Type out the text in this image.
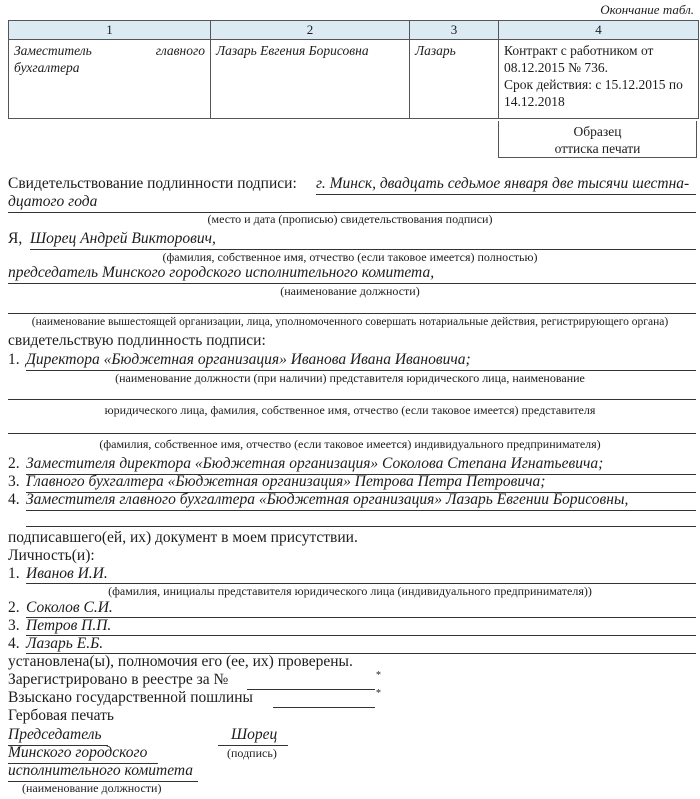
Окончание табл.
1	2	3	4
Заместитель главного бухгалтера	Лазарь Евгения Борисовна	Лазарь	Контракт с работником от 08.12.2015 № 736.
Срок действия: с 15.12.2015 по 14.12.2018
Образец
оттиска печати
Свидетельствование подлинности подписи: г. Минск, двадцать седьмое января две тысячи шестна-
дцатого года
(место и дата (прописью) свидетельствования подписи)
Я, Шорец Андрей Викторович,
(фамилия, собственное имя, отчество (если таковое имеется) полностью)
председатель Минского городского исполнительного комитета,
(наименование должности)
(наименование вышестоящей организации, лица, уполномоченного совершать нотариальные действия, регистрирующего органа)
свидетельствую подлинность подписи:
1. Директора «Бюджетная организация» Иванова Ивана Ивановича;
(наименование должности (при наличии) представителя юридического лица, наименование
юридического лица, фамилия, собственное имя, отчество (если таковое имеется) представителя
(фамилия, собственное имя, отчество (если таковое имеется) индивидуального предпринимателя)
2. Заместителя директора «Бюджетная организация» Соколова Степана Игнатьевича;
3. Главного бухгалтера «Бюджетная организация» Петрова Петра Петровича;
4. Заместителя главного бухгалтера «Бюджетная организация» Лазарь Евгении Борисовны,
подписавшего(ей, их) документ в моем присутствии.
Личность(и):
1. Иванов И.И.
(фамилия, инициалы представителя юридического лица (индивидуального предпринимателя))
2. Соколов С.И.
3. Петров П.П.
4. Лазарь Е.Б.
установлена(ы), полномочия его (ее, их) проверены.
Зарегистрировано в реестре за №	*
Взыскано государственной пошлины	*
Гербовая печать
Председатель
Минского городского
исполнительного комитета
(наименование должности)
Шорец
(подпись)
